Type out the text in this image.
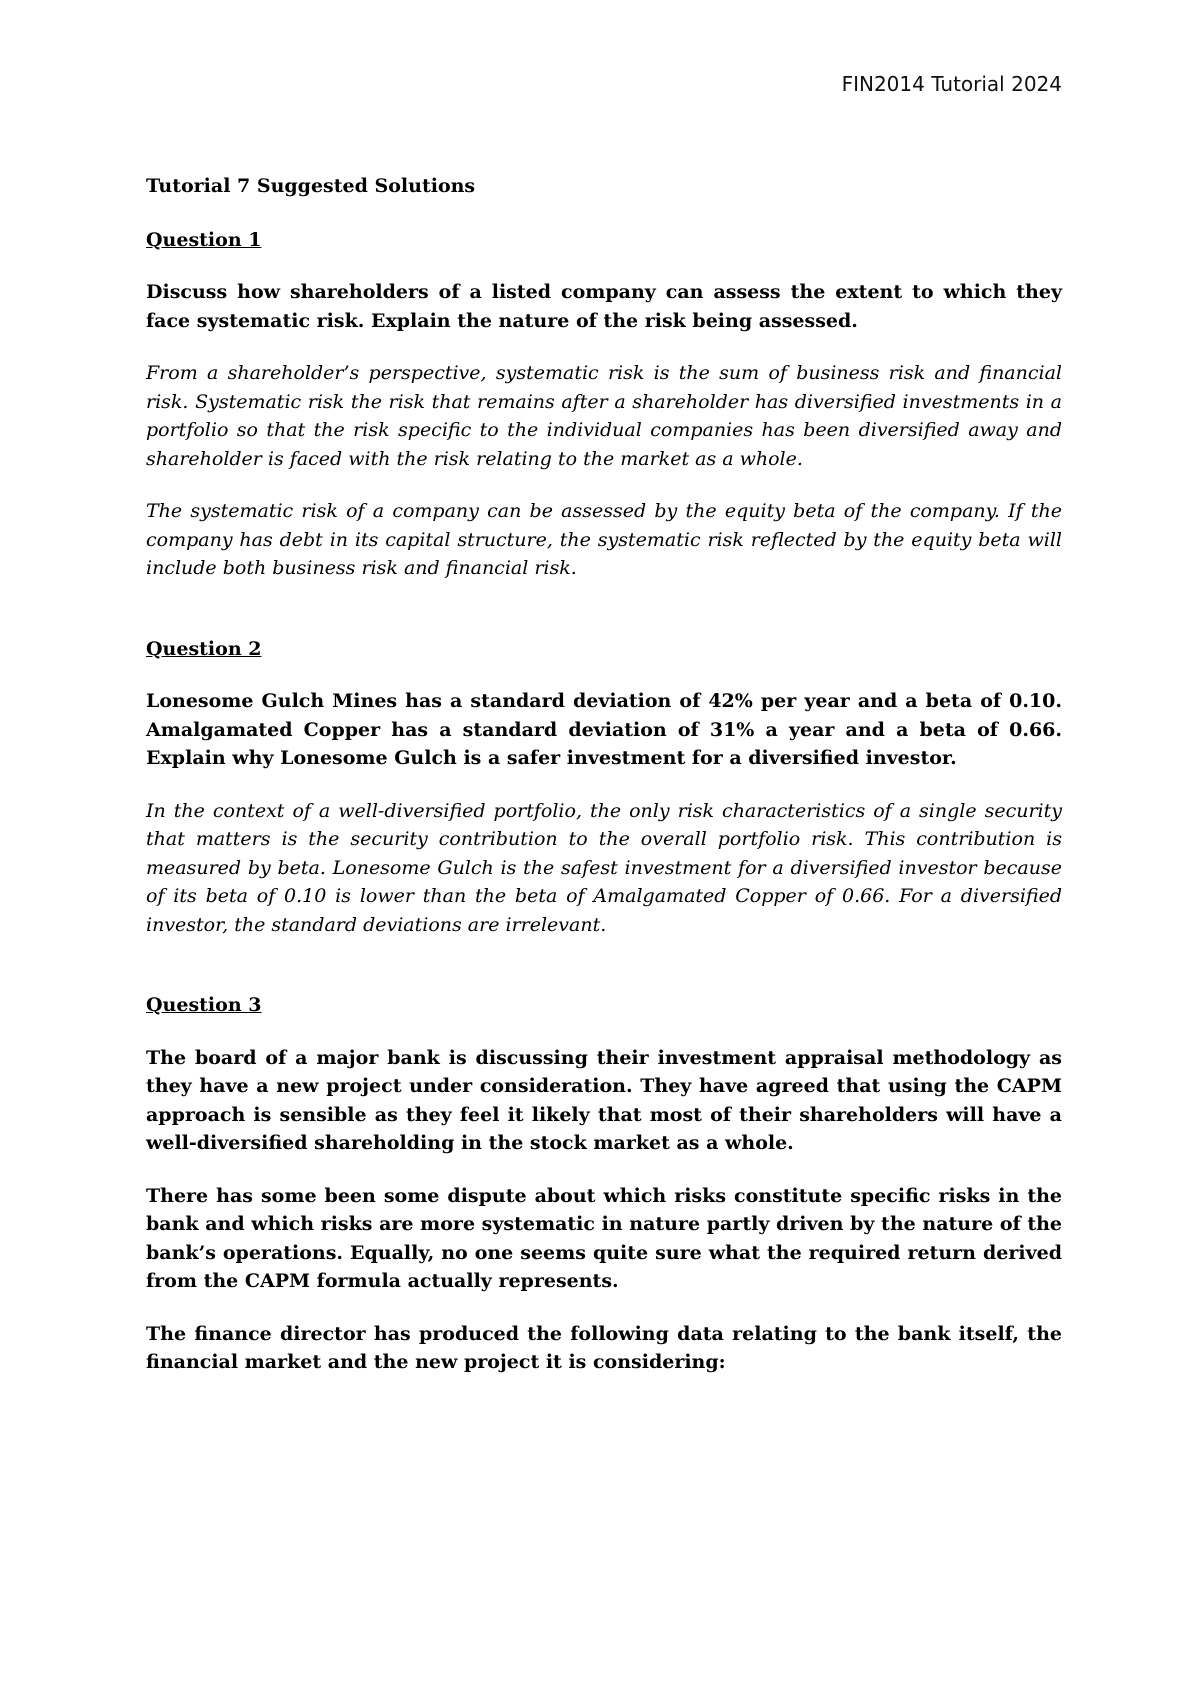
FIN2014 Tutorial 2024

Tutorial 7 Suggested Solutions

Question 1

Discuss how shareholders of a listed company can assess the extent to which they face systematic risk. Explain the nature of the risk being assessed.

From a shareholder’s perspective, systematic risk is the sum of business risk and financial risk. Systematic risk the risk that remains after a shareholder has diversified investments in a portfolio so that the risk specific to the individual companies has been diversified away and shareholder is faced with the risk relating to the market as a whole.

The systematic risk of a company can be assessed by the equity beta of the company. If the company has debt in its capital structure, the systematic risk reflected by the equity beta will include both business risk and financial risk.

Question 2

Lonesome Gulch Mines has a standard deviation of 42% per year and a beta of 0.10. Amalgamated Copper has a standard deviation of 31% a year and a beta of 0.66. Explain why Lonesome Gulch is a safer investment for a diversified investor.

In the context of a well-diversified portfolio, the only risk characteristics of a single security that matters is the security contribution to the overall portfolio risk. This contribution is measured by beta. Lonesome Gulch is the safest investment for a diversified investor because of its beta of 0.10 is lower than the beta of Amalgamated Copper of 0.66. For a diversified investor, the standard deviations are irrelevant.

Question 3

The board of a major bank is discussing their investment appraisal methodology as they have a new project under consideration. They have agreed that using the CAPM approach is sensible as they feel it likely that most of their shareholders will have a well-diversified shareholding in the stock market as a whole.

There has some been some dispute about which risks constitute specific risks in the bank and which risks are more systematic in nature partly driven by the nature of the bank’s operations. Equally, no one seems quite sure what the required return derived from the CAPM formula actually represents.

The finance director has produced the following data relating to the bank itself, the financial market and the new project it is considering:
